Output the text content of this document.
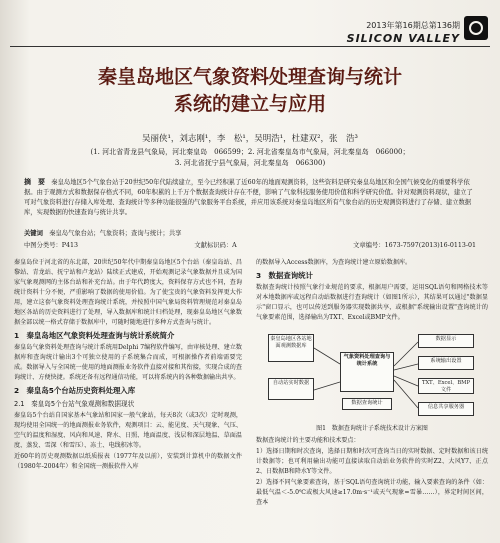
2013年第16期总第136期
SILICON VALLEY
秦皇岛地区气象资料处理查询与统计
系统的建立与应用
吴丽侠¹，刘志刚¹，李　松¹，吴明浩¹，杜建双²，张　浩³
(1. 河北省青龙县气象局，河北秦皇岛　066599；2. 河北省秦皇岛市气象局，河北秦皇岛　066000；
3. 河北省抚宁县气象局，河北秦皇岛　066300)
摘　要　 秦皇岛地区5个气象台站于20世纪50年代陆续建立，至今已经积累了近60年的地面观测资料，这些资料是研究秦皇岛地区和全国气候变化的重要科学依据。由于观测方式和数据保存格式不同，60年积累的上千万个数据查询统计存在不便，影响了气象科技服务使用价值和科学研究价值。针对观测资料现状，建立了可对气象资料进行存储入库处理、查询统计等多种功能很强的气象服务平台系统，并应用该系统对秦皇岛地区所有气象台站的历史观测资料进行了存储、建立数据库，实现数据的快速查询与统计共享。
关键词　 秦皇岛气象台站；气象资料；查询与统计；共享
中图分类号：P413	文献标识码：A	文章编号：1673-7597(2013)16-0113-01

秦皇岛位于河北省的东北部，20世纪50年代中期秦皇岛地区5个台站（秦皇岛站、昌黎站、青龙站、抚宁站和卢龙站）陆续正式建成，开始观测记录气象数据并且成为国家气象观测网的主体台站和补充台站。由于年代跨度大，资料保存方式也不同，查询统计资料十分不便，严重影响了数据的使用价值。为了使宝贵的气象资料发挥更大作用，建立这套气象资料处理查询统计系统，并按照中国气象局资料管理规范对秦皇岛地区各站的历史资料进行了处理，导入数据库和统计归档处理，现秦皇岛地区气象数据全部以统一格式存储于数据库中，可随时随地进行多种方式查询与统计。

1　秦皇岛地区气象资料处理查询与统计系统简介

秦皇岛气象资料处理查询与统计系统用Delphi 7编程软件编写，由审核处理、建立数据库和查询统计输出3个可独立使用的子系统集合而成，可根据操作者前端需要完成。数据导入与全国统一使用的地面测报业务软件直接对接和其衔接，实现合成的查询统计、方便快捷。系统还备有远程通信功能，可以将系统内的各种数据输出共享。

2　秦皇岛5个台站历史资料处理入库
2.1　秦皇岛5个台站气象观测和数据现状

秦皇岛5个台站自国家基本气象站和国家一般气象站，每天8次（或3次）定时观测，现均使用全国统一的地面测报业务软件，观测项目：云、能见度、天气现象、气压、空气的温度和湿度、风向和风速、降水、日照、地面温度、浅层和深层地温、草面温度、蒸发、雪深（和雪压）、冻土、电线积冰等。

近60年的历史观测数据以纸质报表（1977年及以前），安装到计算机中的数据文件（1980年-2004年）和全国统一测报软件入库

的数据导入Access数据库，为查询统计建立原始数据库。

3　数据查询统计

数据查询统计按照气象行业规范的要求，根据用户需要，运用SQL语句和网格技术等对本地数据库或远程自动站数据进行查询统计（如图1所示），其结果可以通过"数据显示"窗口显示，也可以传送到服务器实现数据共享，或根据"系统输出设置"查询统计的气象要素范围，选择输出为TXT、Excel或BMP文件。

秦皇岛地区各站地面观测数据库
自动站实时数据
气象资料处理查询与统计系统
数据查询统计
数据显示
系统输出设置
TXT、Excel、BMP文件
信息共享服务器
图1　数据查询统计子系统技术设计方案图

数据查询统计的主要功能和技术要点：

1）选择日期和时次查询，选择日期和时次可查询当日的实时数据、定时数据和该日统计数据等；也可利用输出功能可直接读取自动站业务软件的实时Z2、大风Y7、正点2、日数据B和降水Y等文件。

2）选择不同气象要素查询，基于SQL语句查询统计功能，输入要素查询的条件（如：最低气温＜-5.0℃或极大风速≥17.0m·s⁻¹或天气现象=雪暴……），界定时间区间，查本
